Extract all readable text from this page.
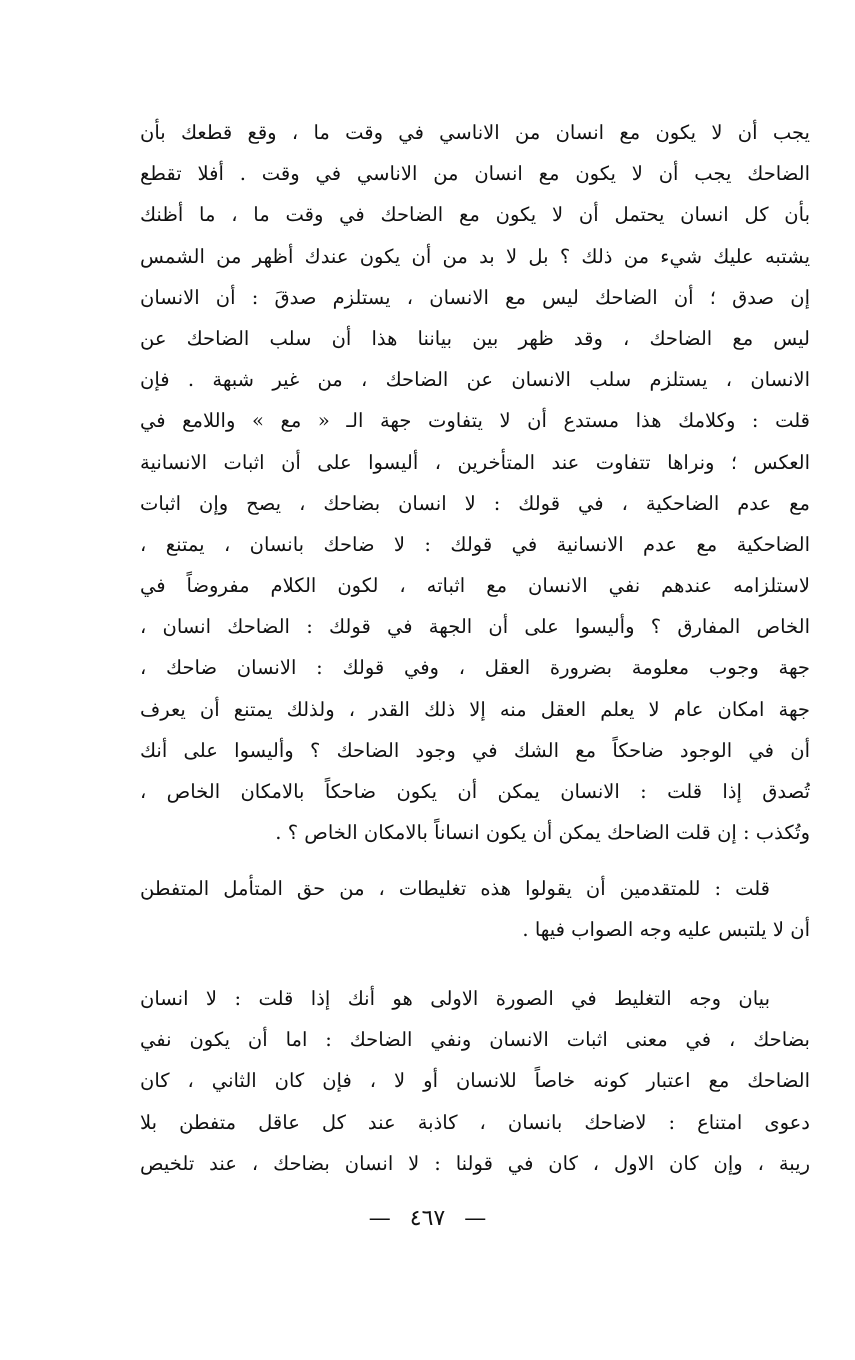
يجب أن لا يكون مع انسان من الاناسي في وقت ما ، وقع قطعك بأن
الضاحك يجب أن لا يكون مع انسان من الاناسي في وقت . أفلا تقطع
بأن كل انسان يحتمل أن لا يكون مع الضاحك في وقت ما ، ما أظنك
يشتبه عليك شيء من ذلك ؟ بل لا بد من أن يكون عندك أظهر من الشمس
إن صدق ؛ أن الضاحك ليس مع الانسان ، يستلزم صدقَ : أن الانسان
ليس مع الضاحك ، وقد ظهر بين بياننا هذا أن سلب الضاحك عن
الانسان ، يستلزم سلب الانسان عن الضاحك ، من غير شبهة . فإن
قلت : وكلامك هذا مستدع أن لا يتفاوت جهة الـ « مع » واللامع في
العكس ؛ ونراها تتفاوت عند المتأخرين ، أليسوا على أن اثبات الانسانية
مع عدم الضاحكية ، في قولك : لا انسان بضاحك ، يصح وإن اثبات
الضاحكية مع عدم الانسانية في قولك : لا ضاحك بانسان ، يمتنع ،
لاستلزامه عندهم نفي الانسان مع اثباته ، لكون الكلام مفروضاً في
الخاص المفارق ؟ وأليسوا على أن الجهة في قولك : الضاحك انسان ،
جهة وجوب معلومة بضرورة العقل ، وفي قولك : الانسان ضاحك ،
جهة امكان عام لا يعلم العقل منه إلا ذلك القدر ، ولذلك يمتنع أن يعرف
أن في الوجود ضاحكاً مع الشك في وجود الضاحك ؟ وأليسوا على أنك
تُصدق إذا قلت : الانسان يمكن أن يكون ضاحكاً بالامكان الخاص ،
وتُكذب : إن قلت الضاحك يمكن أن يكون انساناً بالامكان الخاص ؟ .
قلت : للمتقدمين أن يقولوا هذه تغليطات ، من حق المتأمل المتفطن
أن لا يلتبس عليه وجه الصواب فيها .
بيان وجه التغليط في الصورة الاولى هو أنك إذا قلت : لا انسان
بضاحك ، في معنى اثبات الانسان ونفي الضاحك : اما أن يكون نفي
الضاحك مع اعتبار كونه خاصاً للانسان أو لا ، فإن كان الثاني ، كان
دعوى امتناع : لاضاحك بانسان ، كاذبة عند كل عاقل متفطن بلا
ريبة ، وإن كان الاول ، كان في قولنا : لا انسان بضاحك ، عند تلخيص
— ٤٦٧ —
